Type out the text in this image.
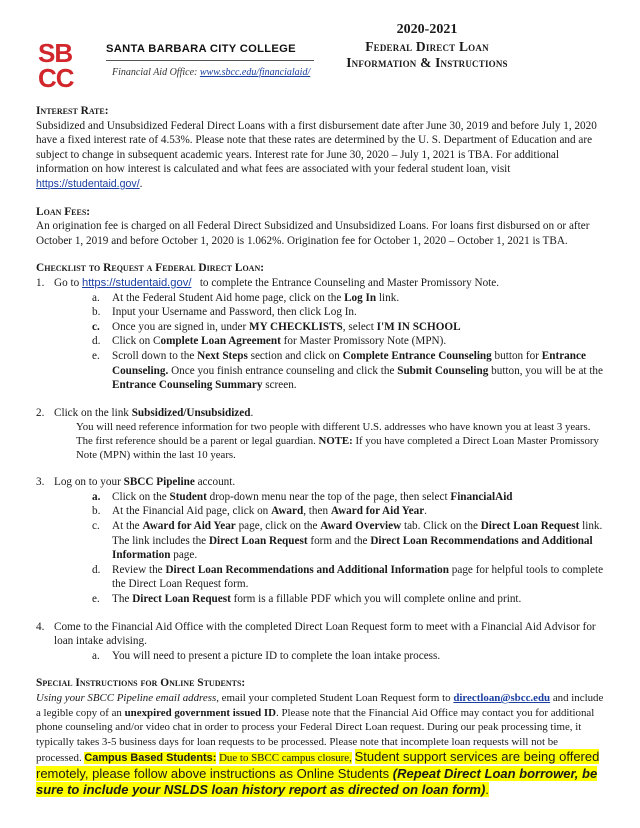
SB
CC
SANTA BARBARA CITY COLLEGE
Financial Aid Office: www.sbcc.edu/financialaid/
2020-2021
Federal Direct Loan
Information & Instructions
Interest Rate:

Subsidized and Unsubsidized Federal Direct Loans with a first disbursement date after June 30, 2019 and before July 1, 2020 have a fixed interest rate of 4.53%. Please note that these rates are determined by the U. S. Department of Education and are subject to change in subsequent academic years. Interest rate for June 30, 2020 – July 1, 2021 is TBA. For additional information on how interest is calculated and what fees are associated with your federal student loan, visit https://studentaid.gov/.

Loan Fees:

An origination fee is charged on all Federal Direct Subsidized and Unsubsidized Loans. For loans first disbursed on or after October 1, 2019 and before October 1, 2020 is 1.062%. Origination fee for October 1, 2020 – October 1, 2021 is TBA.

Checklist to Request a Federal Direct Loan:
1. Go to https://studentaid.gov/ to complete the Entrance Counseling and Master Promissory Note.
a.	At the Federal Student Aid home page, click on the Log In link.
b.	Input your Username and Password, then click Log In.
c.	Once you are signed in, under MY CHECKLISTS, select I'M IN SCHOOL
d.	Click on Complete Loan Agreement for Master Promissory Note (MPN).
e.	Scroll down to the Next Steps section and click on Complete Entrance Counseling button for Entrance Counseling. Once you finish entrance counseling and click the Submit Counseling button, you will be at the Entrance Counseling Summary screen.
2. Click on the link Subsidized/Unsubsidized.
You will need reference information for two people with different U.S. addresses who have known you at least 3 years. The first reference should be a parent or legal guardian. NOTE: If you have completed a Direct Loan Master Promissory Note (MPN) within the last 10 years.
3. Log on to your SBCC Pipeline account.
a.	Click on the Student drop-down menu near the top of the page, then select FinancialAid
b.	At the Financial Aid page, click on Award, then Award for Aid Year.
c.	At the Award for Aid Year page, click on the Award Overview tab. Click on the Direct Loan Request link. The link includes the Direct Loan Request form and the Direct Loan Recommendations and Additional Information page.
d.	Review the Direct Loan Recommendations and Additional Information page for helpful tools to complete the Direct Loan Request form.
e.	The Direct Loan Request form is a fillable PDF which you will complete online and print.
4. Come to the Financial Aid Office with the completed Direct Loan Request form to meet with a Financial Aid Advisor for loan intake advising.
a.	You will need to present a picture ID to complete the loan intake process.
Special Instructions for Online Students:

Using your SBCC Pipeline email address, email your completed Student Loan Request form to directloan@sbcc.edu and include a legible copy of an unexpired government issued ID. Please note that the Financial Aid Office may contact you for additional phone counseling and/or video chat in order to process your Federal Direct Loan request. During our peak processing time, it typically takes 3-5 business days for loan requests to be processed. Please note that incomplete loan requests will not be processed. Campus Based Students: Due to SBCC campus closure, Student support services are being offered remotely, please follow above instructions as Online Students (Repeat Direct Loan borrower, be sure to include your NSLDS loan history report as directed on loan form).
